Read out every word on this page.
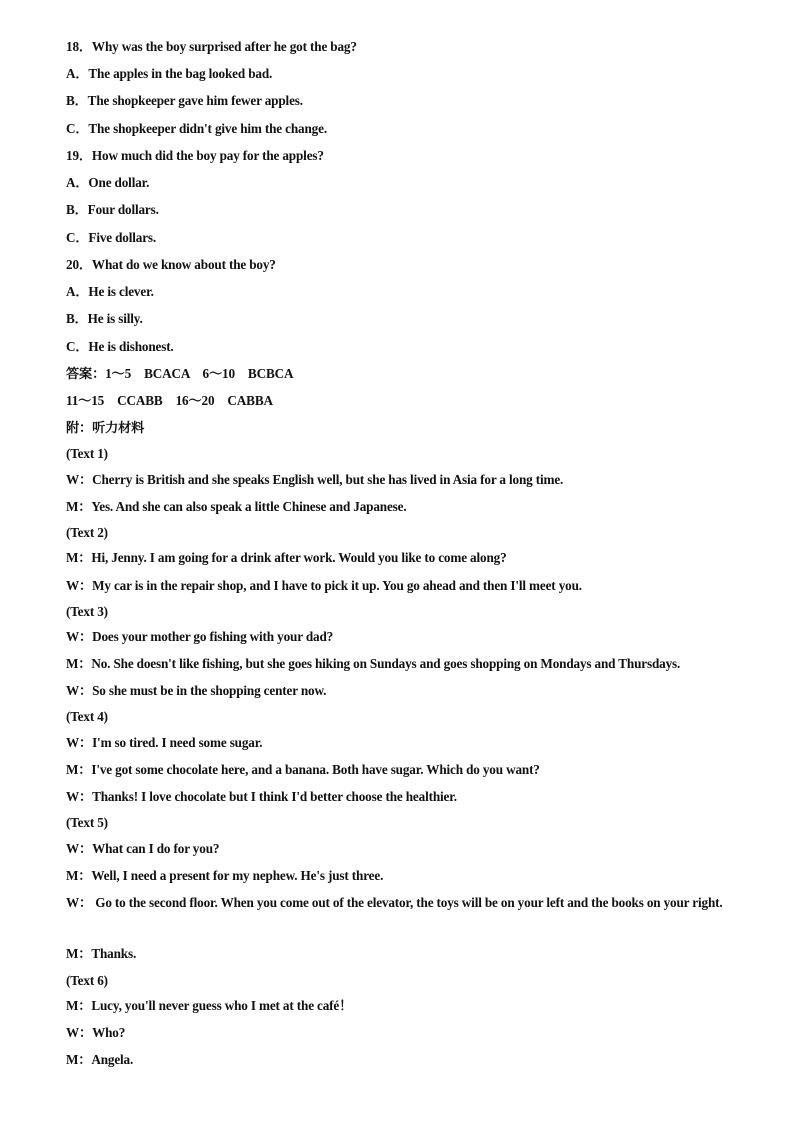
18．Why was the boy surprised after he got the bag?
A．The apples in the bag looked bad.
B．The shopkeeper gave him fewer apples.
C．The shopkeeper didn't give him the change.
19．How much did the boy pay for the apples?
A．One dollar.
B．Four dollars.
C．Five dollars.
20．What do we know about the boy?
A．He is clever.
B．He is silly.
C．He is dishonest.
答案：1～5　BCACA　6～10　BCBCA
11～15　CCABB　16～20　CABBA
附：听力材料
(Text 1)
W：Cherry is British and she speaks English well, but she has lived in Asia for a long time.
M：Yes. And she can also speak a little Chinese and Japanese.
(Text 2)
M：Hi, Jenny. I am going for a drink after work. Would you like to come along?
W：My car is in the repair shop, and I have to pick it up. You go ahead and then I'll meet you.
(Text 3)
W：Does your mother go fishing with your dad?
M：No. She doesn't like fishing, but she goes hiking on Sundays and goes shopping on Mondays and Thursdays.
W：So she must be in the shopping center now.
(Text 4)
W：I'm so tired. I need some sugar.
M：I've got some chocolate here, and a banana. Both have sugar. Which do you want?
W：Thanks! I love chocolate but I think I'd better choose the healthier.
(Text 5)
W：What can I do for you?
M：Well, I need a present for my nephew. He's just three.
W： Go to the second floor. When you come out of the elevator, the toys will be on your left and the books on your right.
M：Thanks.
(Text 6)
M：Lucy, you'll never guess who I met at the café！
W：Who?
M：Angela.
